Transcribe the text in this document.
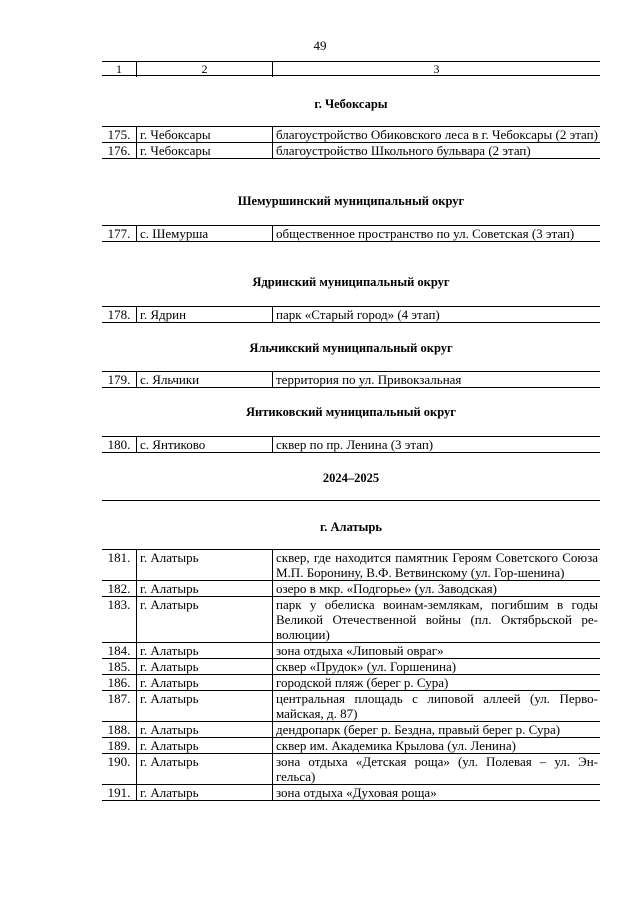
49
1	2	3
г. Чебоксары
175. г. Чебоксары	благоустройство Обиковского леса в г. Чебоксары (2 этап)
176. г. Чебоксары	благоустройство Школьного бульвара (2 этап)
Шемуршинский муниципальный округ
177. с. Шемурша	общественное пространство по ул. Советская (3 этап)
Ядринский муниципальный округ
178. г. Ядрин	парк «Старый город» (4 этап)
Яльчикский муниципальный округ
179. с. Яльчики	территория по ул. Привокзальная
Янтиковский муниципальный округ
180. с. Янтиково	сквер по пр. Ленина (3 этап)
2024–2025
г. Алатырь
181. г. Алатырь	сквер, где находится памятник Героям Советского Союза М.П. Боронину, В.Ф. Ветвинскому (ул. Гор-шенина)
182. г. Алатырь	озеро в мкр. «Подгорье» (ул. Заводская)
183. г. Алатырь	парк у обелиска воинам-землякам, погибшим в годы Великой Отечественной войны (пл. Октябрьской ре-волюции)
184. г. Алатырь	зона отдыха «Липовый овраг»
185. г. Алатырь	сквер «Прудок» (ул. Горшенина)
186. г. Алатырь	городской пляж (берег р. Сура)
187. г. Алатырь	центральная площадь с липовой аллеей (ул. Перво-майская, д. 87)
188. г. Алатырь	дендропарк (берег р. Бездна, правый берег р. Сура)
189. г. Алатырь	сквер им. Академика Крылова (ул. Ленина)
190. г. Алатырь	зона отдыха «Детская роща» (ул. Полевая – ул. Эн-гельса)
191. г. Алатырь	зона отдыха «Духовая роща»
